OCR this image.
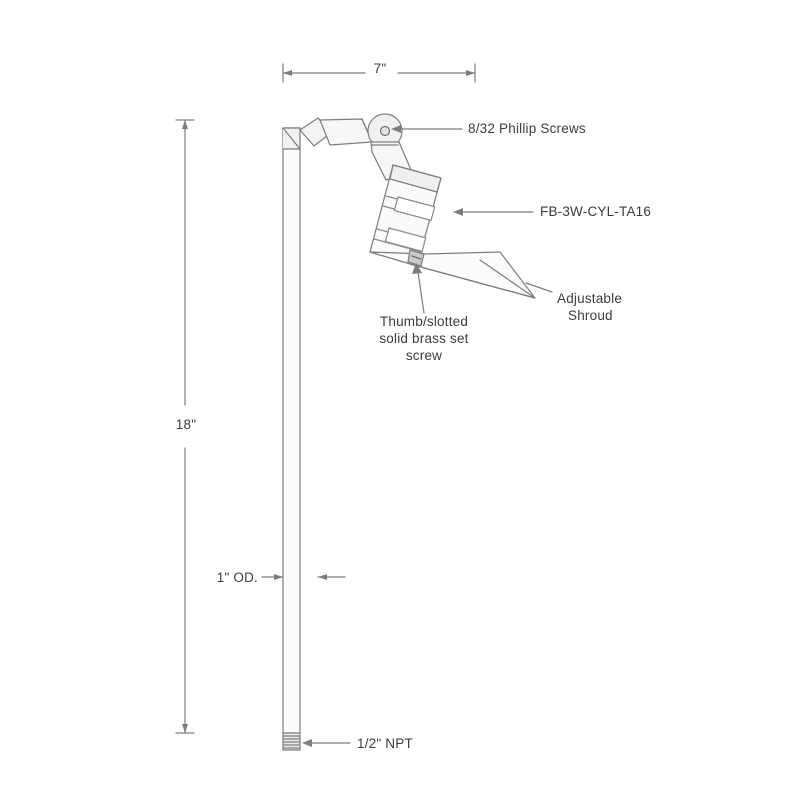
7"
18"
1" OD.
1/2" NPT
8/32 Phillip Screws
FB-3W-CYL-TA16
Adjustable
Shroud
Thumb/slotted
solid brass set
screw
